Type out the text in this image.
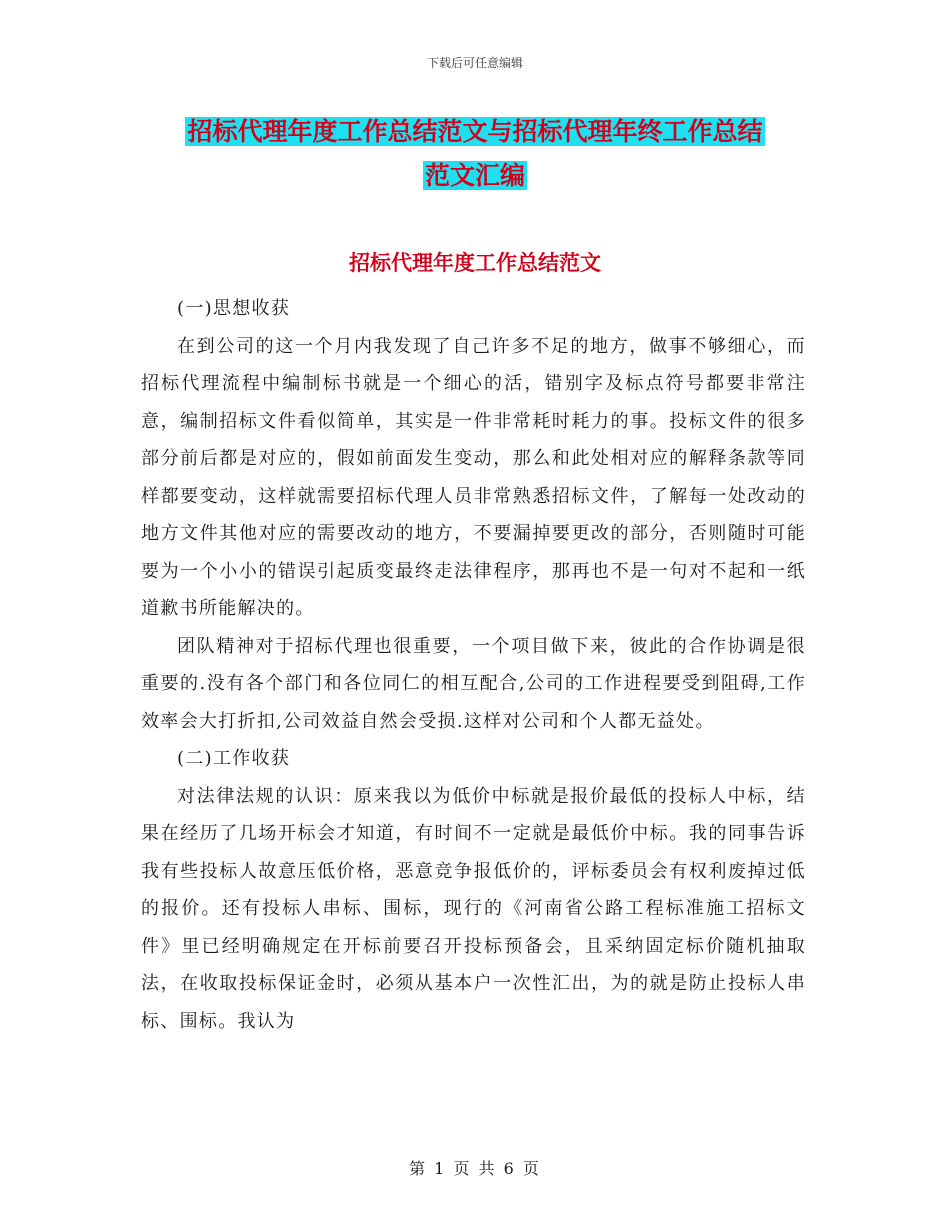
下载后可任意编辑
招标代理年度工作总结范文与招标代理年终工作总结
范文汇编
招标代理年度工作总结范文

(一)思想收获

在到公司的这一个月内我发现了自己许多不足的地方，做事不够细心，而招标代理流程中编制标书就是一个细心的活，错别字及标点符号都要非常注意，编制招标文件看似简单，其实是一件非常耗时耗力的事。投标文件的很多部分前后都是对应的，假如前面发生变动，那么和此处相对应的解释条款等同样都要变动，这样就需要招标代理人员非常熟悉招标文件，了解每一处改动的地方文件其他对应的需要改动的地方，不要漏掉要更改的部分，否则随时可能要为一个小小的错误引起质变最终走法律程序，那再也不是一句对不起和一纸道歉书所能解决的。

团队精神对于招标代理也很重要，一个项目做下来，彼此的合作协调是很重要的.没有各个部门和各位同仁的相互配合,公司的工作进程要受到阻碍,工作效率会大打折扣,公司效益自然会受损.这样对公司和个人都无益处。

(二)工作收获

对法律法规的认识：原来我以为低价中标就是报价最低的投标人中标，结果在经历了几场开标会才知道，有时间不一定就是最低价中标。我的同事告诉我有些投标人故意压低价格，恶意竞争报低价的，评标委员会有权利废掉过低的报价。还有投标人串标、围标，现行的《河南省公路工程标准施工招标文件》里已经明确规定在开标前要召开投标预备会，且采纳固定标价随机抽取法，在收取投标保证金时，必须从基本户一次性汇出，为的就是防止投标人串标、围标。我认为

第 1 页 共 6 页
